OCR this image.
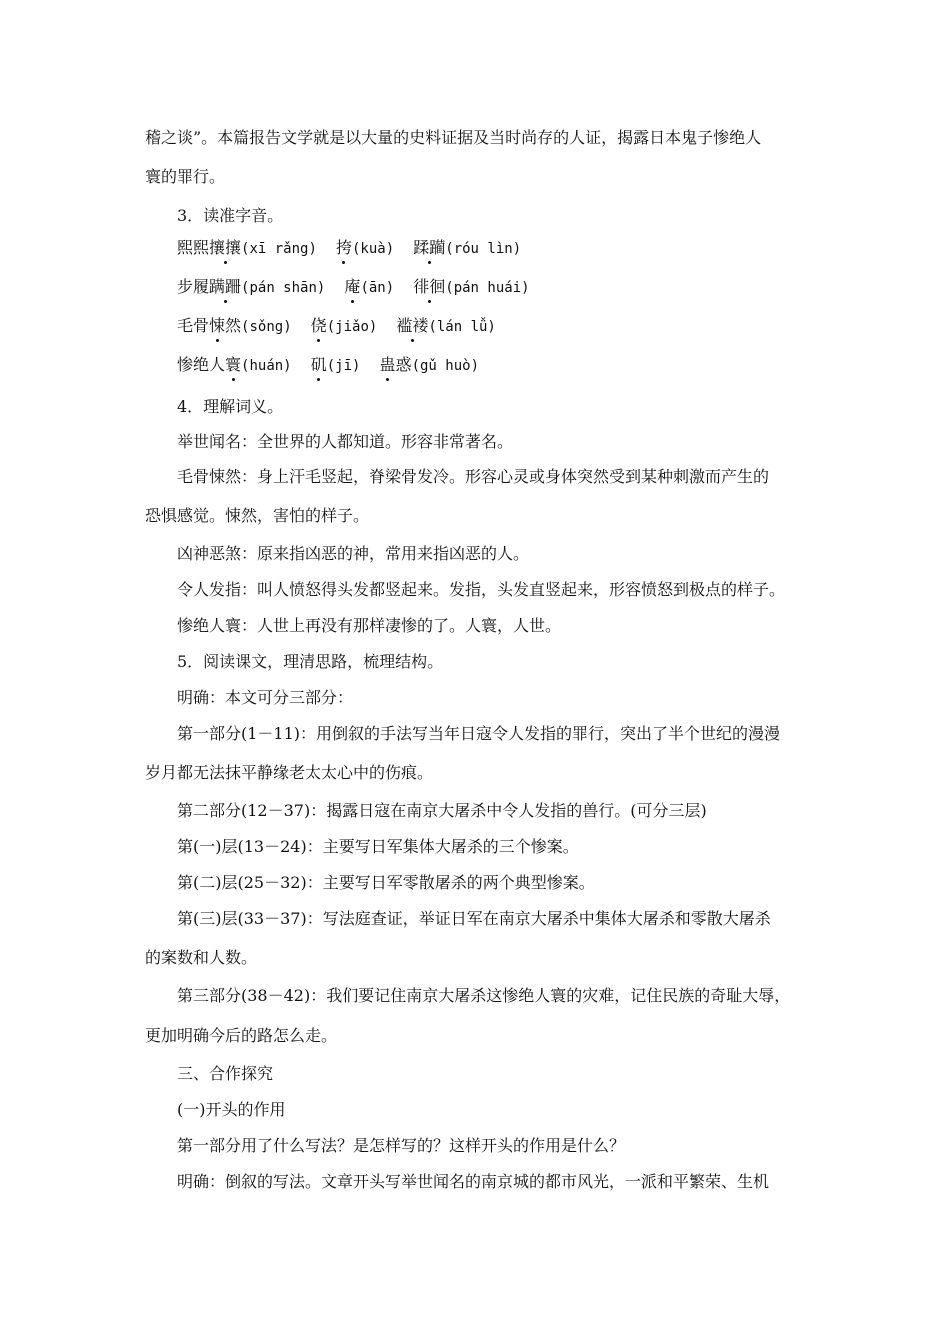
稽之谈”。本篇报告文学就是以大量的史料证据及当时尚存的人证，揭露日本鬼子惨绝人
寰的罪行。
3．读准字音。
熙熙攘攘(xī rǎng) 挎(kuà) 蹂躏(róu lìn)
步履蹒跚(pán shān) 庵(ān) 徘徊(pán huái)
毛骨悚然(sǒng) 侥(jiǎo) 褴褛(lán lǚ)
惨绝人寰(huán) 矶(jī) 蛊惑(gǔ huò)
4．理解词义。
举世闻名：全世界的人都知道。形容非常著名。
毛骨悚然：身上汗毛竖起，脊梁骨发冷。形容心灵或身体突然受到某种刺激而产生的
恐惧感觉。悚然，害怕的样子。
凶神恶煞：原来指凶恶的神，常用来指凶恶的人。
令人发指：叫人愤怒得头发都竖起来。发指，头发直竖起来，形容愤怒到极点的样子。
惨绝人寰：人世上再没有那样凄惨的了。人寰，人世。
5．阅读课文，理清思路，梳理结构。
明确：本文可分三部分：
第一部分(1－11)：用倒叙的手法写当年日寇令人发指的罪行，突出了半个世纪的漫漫
岁月都无法抹平静缘老太太心中的伤痕。
第二部分(12－37)：揭露日寇在南京大屠杀中令人发指的兽行。(可分三层)
第(一)层(13－24)：主要写日军集体大屠杀的三个惨案。
第(二)层(25－32)：主要写日军零散屠杀的两个典型惨案。
第(三)层(33－37)：写法庭查证，举证日军在南京大屠杀中集体大屠杀和零散大屠杀
的案数和人数。
第三部分(38－42)：我们要记住南京大屠杀这惨绝人寰的灾难，记住民族的奇耻大辱，
更加明确今后的路怎么走。
三、合作探究
(一)开头的作用
第一部分用了什么写法？是怎样写的？这样开头的作用是什么？
明确：倒叙的写法。文章开头写举世闻名的南京城的都市风光，一派和平繁荣、生机
